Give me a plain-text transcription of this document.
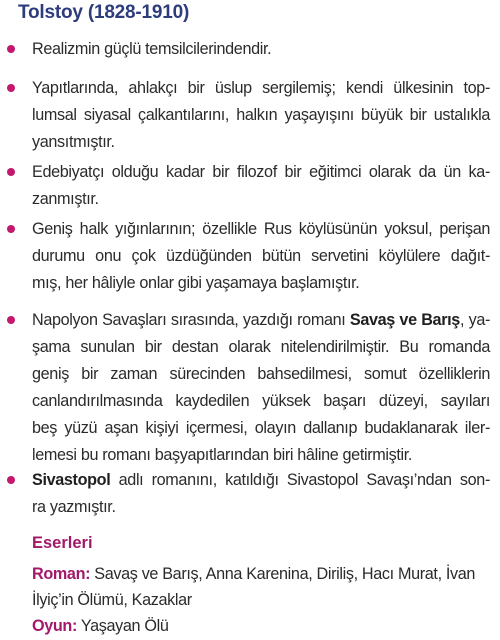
Tolstoy (1828-1910)
Realizmin güçlü temsilcilerindendir.
Yapıtlarında, ahlakçı bir üslup sergilemiş; kendi ülkesinin top-
lumsal siyasal çalkantılarını, halkın yaşayışını büyük bir ustalıkla
yansıtmıştır.
Edebiyatçı olduğu kadar bir filozof bir eğitimci olarak da ün ka-
zanmıştır.
Geniş halk yığınlarının; özellikle Rus köylüsünün yoksul, perişan
durumu onu çok üzdüğünden bütün servetini köylülere dağıt-
mış, her hâliyle onlar gibi yaşamaya başlamıştır.
Napolyon Savaşları sırasında, yazdığı romanı Savaş ve Barış, ya-
şama sunulan bir destan olarak nitelendirilmiştir. Bu romanda
geniş bir zaman sürecinden bahsedilmesi, somut özelliklerin
canlandırılmasında kaydedilen yüksek başarı düzeyi, sayıları
beş yüzü aşan kişiyi içermesi, olayın dallanıp budaklanarak iler-
lemesi bu romanı başyapıtlarından biri hâline getirmiştir.
Sivastopol adlı romanını, katıldığı Sivastopol Savaşı’ndan son-
ra yazmıştır.
Eserleri
Roman: Savaş ve Barış, Anna Karenina, Diriliş, Hacı Murat, İvan
İlyiç’in Ölümü, Kazaklar
Oyun: Yaşayan Ölü
